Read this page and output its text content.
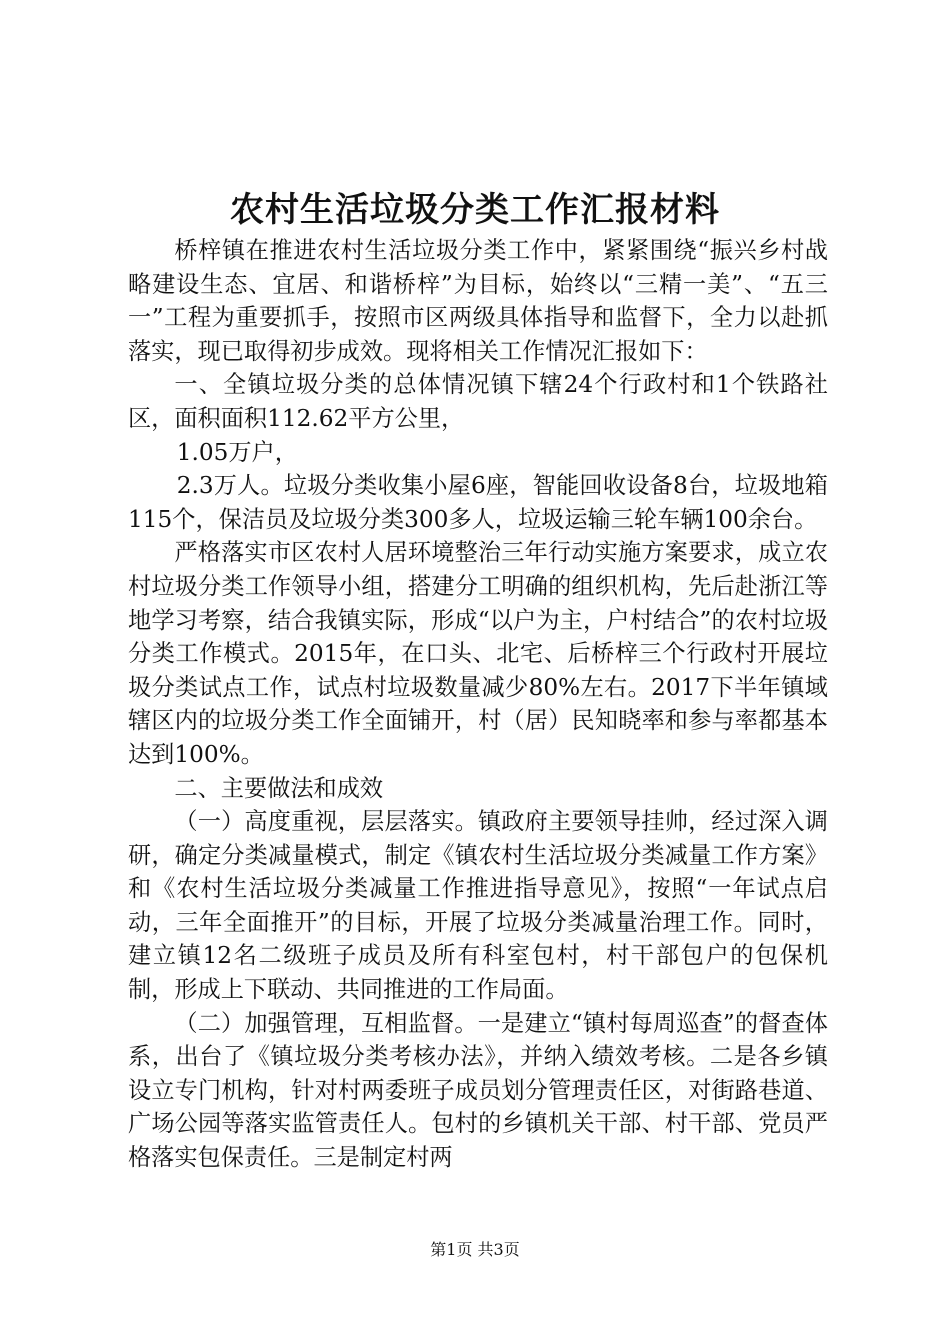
农村生活垃圾分类工作汇报材料

桥梓镇在推进农村生活垃圾分类工作中，紧紧围绕“振兴乡村战略建设生态、宜居、和谐桥梓”为目标，始终以“三精一美”、“五三一”工程为重要抓手，按照市区两级具体指导和监督下，全力以赴抓落实，现已取得初步成效。现将相关工作情况汇报如下：

一、全镇垃圾分类的总体情况镇下辖24个行政村和1个铁路社区，面积面积112.62平方公里，

1.05万户，

2.3万人。垃圾分类收集小屋6座，智能回收设备8台，垃圾地箱115个，保洁员及垃圾分类300多人，垃圾运输三轮车辆100余台。

严格落实市区农村人居环境整治三年行动实施方案要求，成立农村垃圾分类工作领导小组，搭建分工明确的组织机构，先后赴浙江等地学习考察，结合我镇实际，形成“以户为主，户村结合”的农村垃圾分类工作模式。2015年，在口头、北宅、后桥梓三个行政村开展垃圾分类试点工作，试点村垃圾数量减少80%左右。2017下半年镇域辖区内的垃圾分类工作全面铺开，村（居）民知晓率和参与率都基本达到100%。

二、主要做法和成效

（一）高度重视，层层落实。镇政府主要领导挂帅，经过深入调研，确定分类减量模式，制定《镇农村生活垃圾分类减量工作方案》和《农村生活垃圾分类减量工作推进指导意见》，按照“一年试点启动，三年全面推开”的目标，开展了垃圾分类减量治理工作。同时，建立镇12名二级班子成员及所有科室包村，村干部包户的包保机制，形成上下联动、共同推进的工作局面。

（二）加强管理，互相监督。一是建立“镇村每周巡查”的督查体系，出台了《镇垃圾分类考核办法》，并纳入绩效考核。二是各乡镇设立专门机构，针对村两委班子成员划分管理责任区，对街路巷道、广场公园等落实监管责任人。包村的乡镇机关干部、村干部、党员严格落实包保责任。三是制定村两

第1页 共3页
